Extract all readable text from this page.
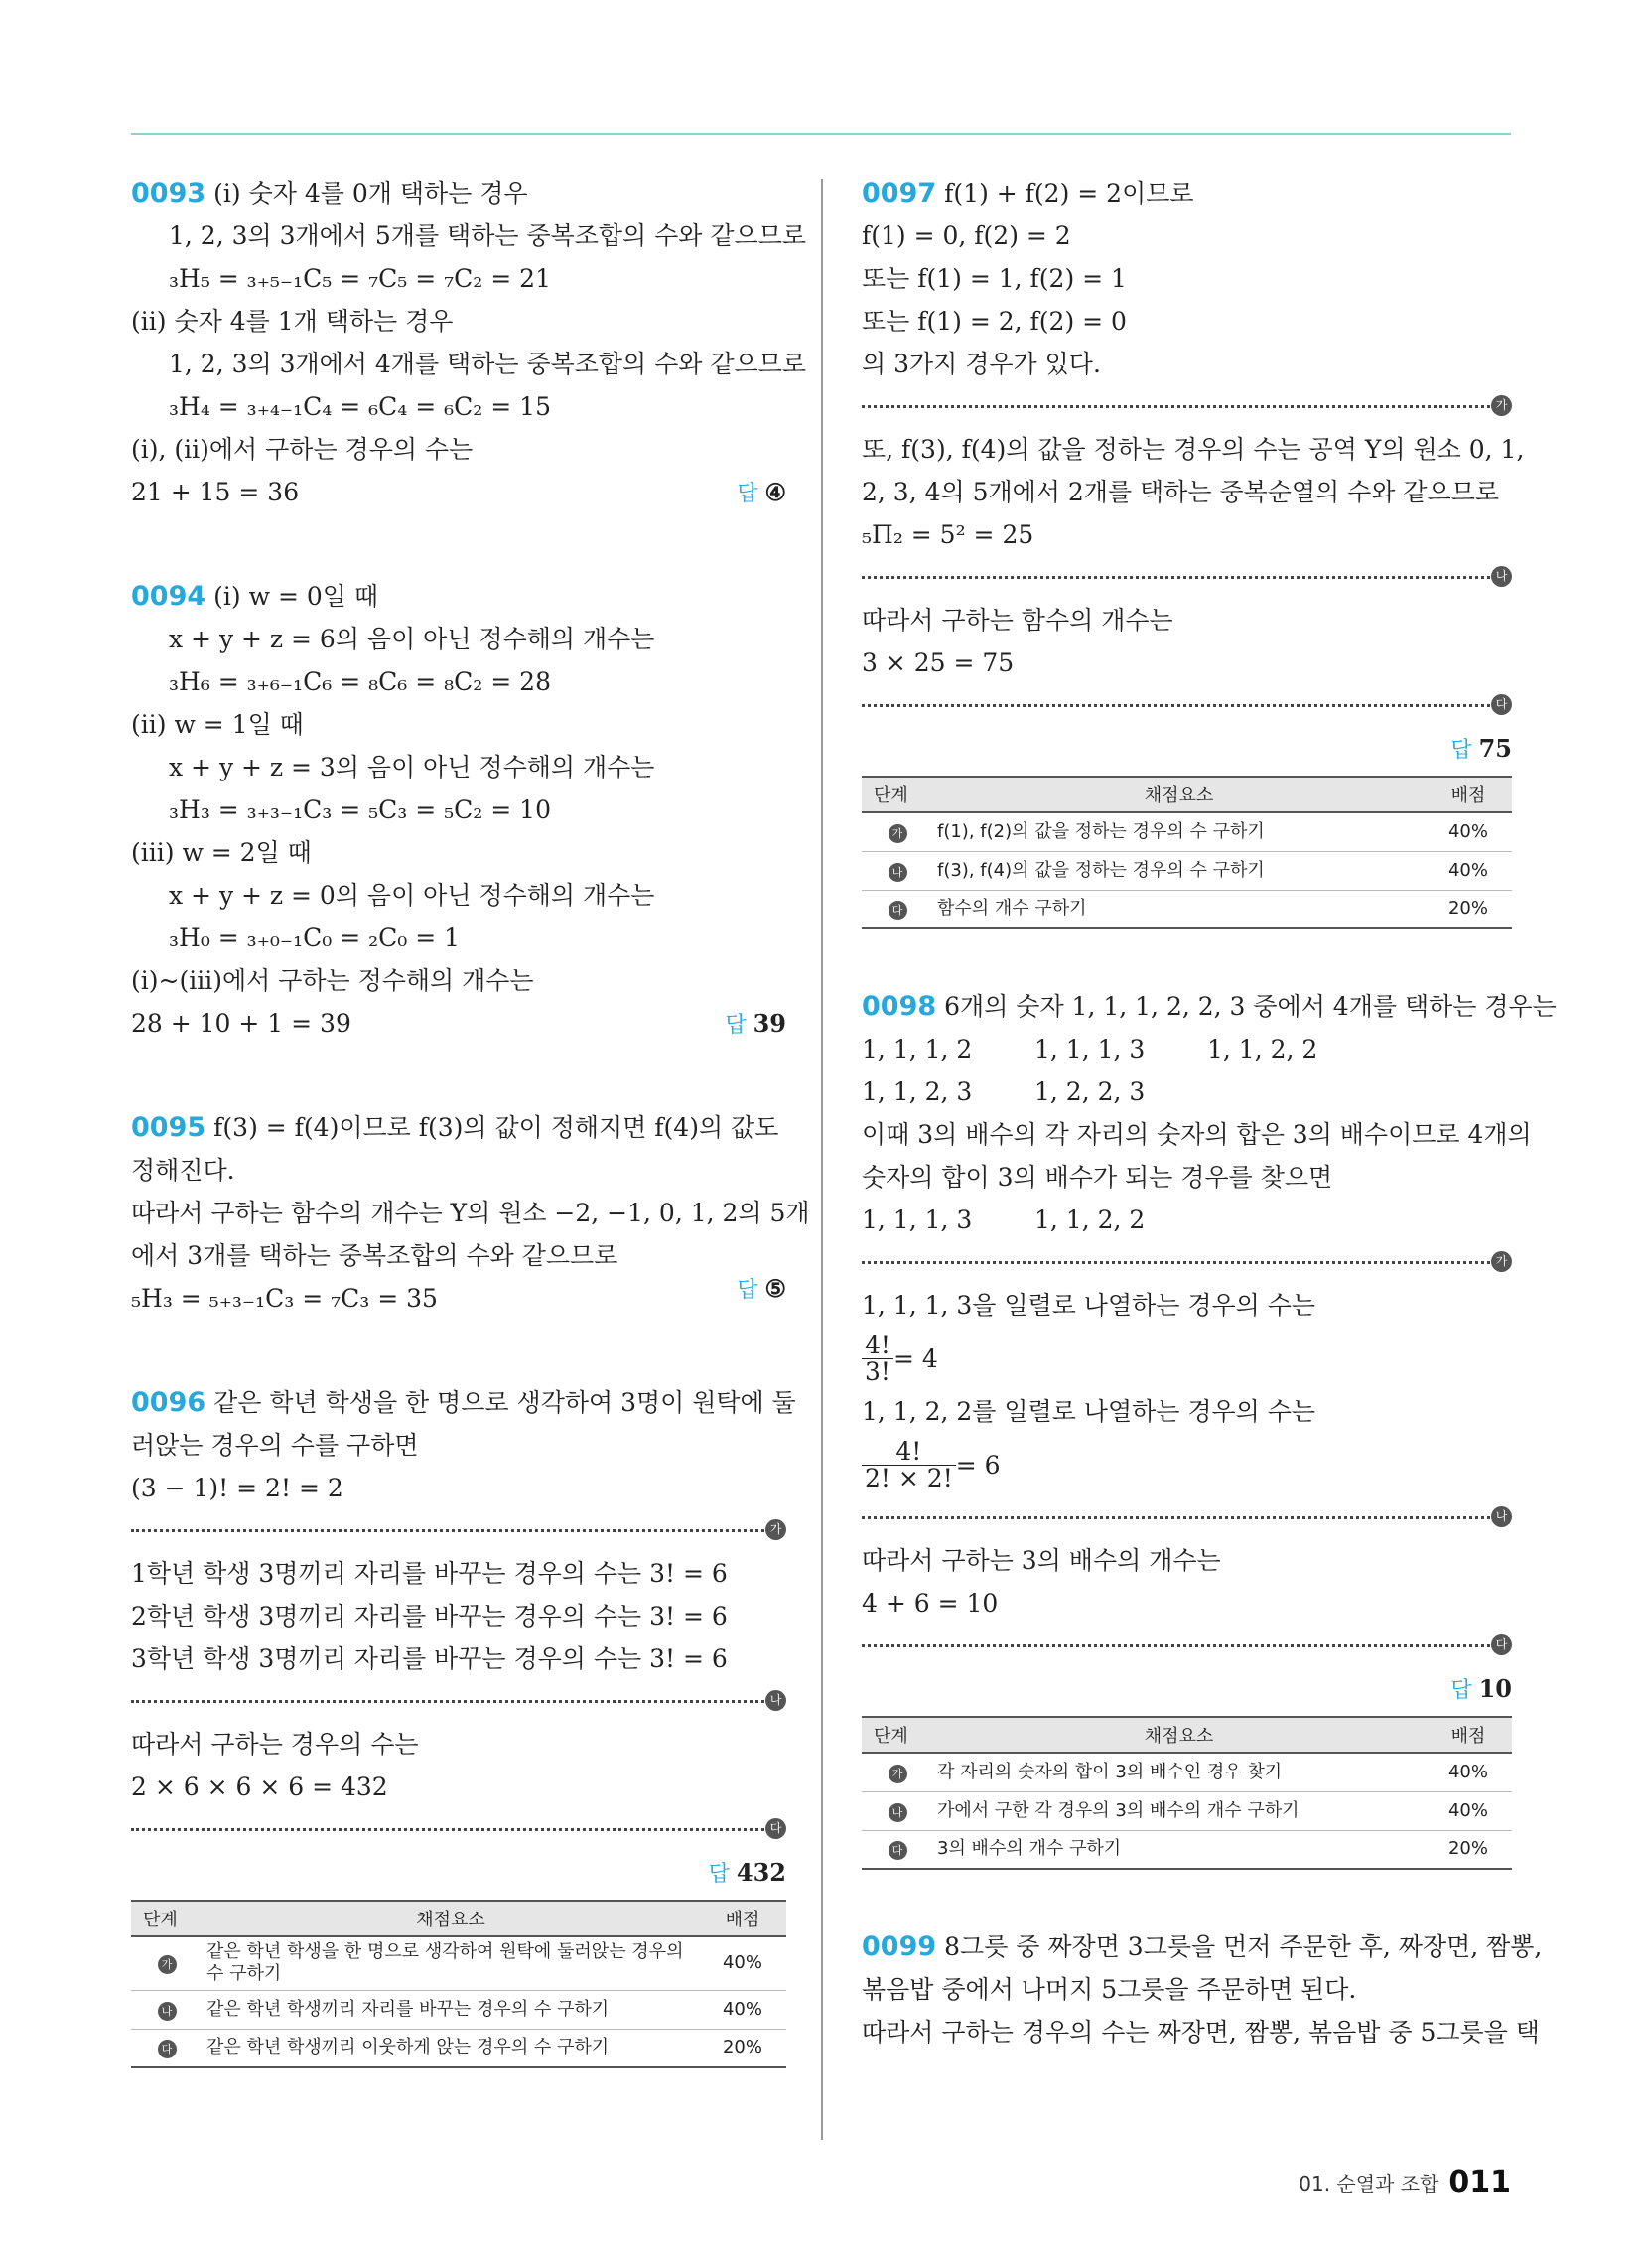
0093 (ⅰ) 숫자 4를 0개 택하는 경우
1, 2, 3의 3개에서 5개를 택하는 중복조합의 수와 같으므로
₃H₅ = ₃₊₅₋₁C₅ = ₇C₅ = ₇C₂ = 21
(ⅱ) 숫자 4를 1개 택하는 경우
1, 2, 3의 3개에서 4개를 택하는 중복조합의 수와 같으므로
₃H₄ = ₃₊₄₋₁C₄ = ₆C₄ = ₆C₂ = 15
(ⅰ), (ⅱ)에서 구하는 경우의 수는
21 + 15 = 36	답 ④
0094 (ⅰ) w = 0일 때
x + y + z = 6의 음이 아닌 정수해의 개수는
₃H₆ = ₃₊₆₋₁C₆ = ₈C₆ = ₈C₂ = 28
(ⅱ) w = 1일 때
x + y + z = 3의 음이 아닌 정수해의 개수는
₃H₃ = ₃₊₃₋₁C₃ = ₅C₃ = ₅C₂ = 10
(ⅲ) w = 2일 때
x + y + z = 0의 음이 아닌 정수해의 개수는
₃H₀ = ₃₊₀₋₁C₀ = ₂C₀ = 1
(ⅰ)~(ⅲ)에서 구하는 정수해의 개수는
28 + 10 + 1 = 39	답 39
0095 f(3) = f(4)이므로 f(3)의 값이 정해지면 f(4)의 값도
정해진다.
따라서 구하는 함수의 개수는 Y의 원소 −2, −1, 0, 1, 2의 5개
에서 3개를 택하는 중복조합의 수와 같으므로
₅H₃ = ₅₊₃₋₁C₃ = ₇C₃ = 35	답 ⑤
0096 같은 학년 학생을 한 명으로 생각하여 3명이 원탁에 둘
러앉는 경우의 수를 구하면
(3 − 1)! = 2! = 2
가
1학년 학생 3명끼리 자리를 바꾸는 경우의 수는 3! = 6
2학년 학생 3명끼리 자리를 바꾸는 경우의 수는 3! = 6
3학년 학생 3명끼리 자리를 바꾸는 경우의 수는 3! = 6
나
따라서 구하는 경우의 수는
2 × 6 × 6 × 6 = 432
다
답 432
단계	채점요소	배점
가	같은 학년 학생을 한 명으로 생각하여 원탁에 둘러앉는 경우의 수 구하기	40%
나	같은 학년 학생끼리 자리를 바꾸는 경우의 수 구하기	40%
다	같은 학년 학생끼리 이웃하게 앉는 경우의 수 구하기	20%
0097 f(1) + f(2) = 2이므로
f(1) = 0, f(2) = 2
또는 f(1) = 1, f(2) = 1
또는 f(1) = 2, f(2) = 0
의 3가지 경우가 있다.
가
또, f(3), f(4)의 값을 정하는 경우의 수는 공역 Y의 원소 0, 1,
2, 3, 4의 5개에서 2개를 택하는 중복순열의 수와 같으므로
₅Π₂ = 5² = 25
나
따라서 구하는 함수의 개수는
3 × 25 = 75
다
답 75
단계	채점요소	배점
가	f(1), f(2)의 값을 정하는 경우의 수 구하기	40%
나	f(3), f(4)의 값을 정하는 경우의 수 구하기	40%
다	함수의 개수 구하기	20%
0098 6개의 숫자 1, 1, 1, 2, 2, 3 중에서 4개를 택하는 경우는
1, 1, 1, 2	1, 1, 1, 3	1, 1, 2, 2
1, 1, 2, 3	1, 2, 2, 3
이때 3의 배수의 각 자리의 숫자의 합은 3의 배수이므로 4개의
숫자의 합이 3의 배수가 되는 경우를 찾으면
1, 1, 1, 3	1, 1, 2, 2
가
1, 1, 1, 3을 일렬로 나열하는 경우의 수는
$\frac{4!}{3!} = 4$
1, 1, 2, 2를 일렬로 나열하는 경우의 수는
$\frac{4!}{2! \times 2!} = 6$
나
따라서 구하는 3의 배수의 개수는
4 + 6 = 10
다
답 10
단계	채점요소	배점
가	각 자리의 숫자의 합이 3의 배수인 경우 찾기	40%
나	가에서 구한 각 경우의 3의 배수의 개수 구하기	40%
다	3의 배수의 개수 구하기	20%
0099 8그릇 중 짜장면 3그릇을 먼저 주문한 후, 짜장면, 짬뽕,
볶음밥 중에서 나머지 5그릇을 주문하면 된다.
따라서 구하는 경우의 수는 짜장면, 짬뽕, 볶음밥 중 5그릇을 택
01. 순열과 조합 011
